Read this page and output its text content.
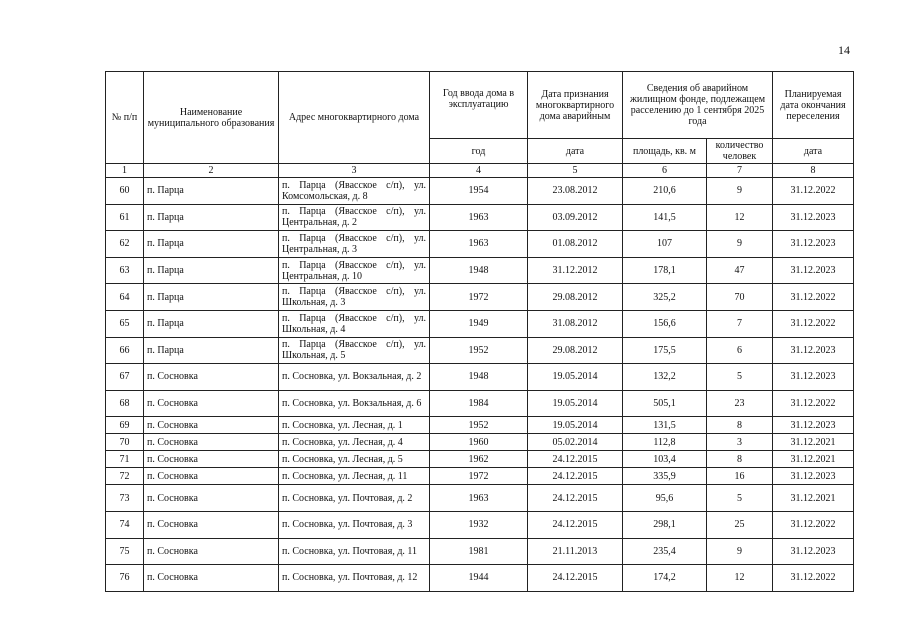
14
№ п/п	Наименование муниципального образования	Адрес многоквартирного дома	Год ввода дома в эксплуатацию	Дата признания многоквартирного дома аварийным	Сведения об аварийном жилищном фонде, подлежащем расселению до 1 сентября 2025 года		Планируемая дата окончания переселения
			год	дата	площадь, кв. м	количество человек	дата
1	2	3	4	5	6	7	8
60	п. Парца	п. Парца (Явасское с/п), ул. Комсомольская, д. 8	1954	23.08.2012	210,6	9	31.12.2022
61	п. Парца	п. Парца (Явасское с/п), ул. Центральная, д. 2	1963	03.09.2012	141,5	12	31.12.2023
62	п. Парца	п. Парца (Явасское с/п), ул. Центральная, д. 3	1963	01.08.2012	107	9	31.12.2023
63	п. Парца	п. Парца (Явасское с/п), ул. Центральная, д. 10	1948	31.12.2012	178,1	47	31.12.2023
64	п. Парца	п. Парца (Явасское с/п), ул. Школьная, д. 3	1972	29.08.2012	325,2	70	31.12.2022
65	п. Парца	п. Парца (Явасское с/п), ул. Школьная, д. 4	1949	31.08.2012	156,6	7	31.12.2022
66	п. Парца	п. Парца (Явасское с/п), ул. Школьная, д. 5	1952	29.08.2012	175,5	6	31.12.2023
67	п. Сосновка	п. Сосновка, ул. Вокзальная, д. 2	1948	19.05.2014	132,2	5	31.12.2023
68	п. Сосновка	п. Сосновка, ул. Вокзальная, д. 6	1984	19.05.2014	505,1	23	31.12.2022
69	п. Сосновка	п. Сосновка, ул. Лесная, д. 1	1952	19.05.2014	131,5	8	31.12.2023
70	п. Сосновка	п. Сосновка, ул. Лесная, д. 4	1960	05.02.2014	112,8	3	31.12.2021
71	п. Сосновка	п. Сосновка, ул. Лесная, д. 5	1962	24.12.2015	103,4	8	31.12.2021
72	п. Сосновка	п. Сосновка, ул. Лесная, д. 11	1972	24.12.2015	335,9	16	31.12.2023
73	п. Сосновка	п. Сосновка, ул. Почтовая, д. 2	1963	24.12.2015	95,6	5	31.12.2021
74	п. Сосновка	п. Сосновка, ул. Почтовая, д. 3	1932	24.12.2015	298,1	25	31.12.2022
75	п. Сосновка	п. Сосновка, ул. Почтовая, д. 11	1981	21.11.2013	235,4	9	31.12.2023
76	п. Сосновка	п. Сосновка, ул. Почтовая, д. 12	1944	24.12.2015	174,2	12	31.12.2022
